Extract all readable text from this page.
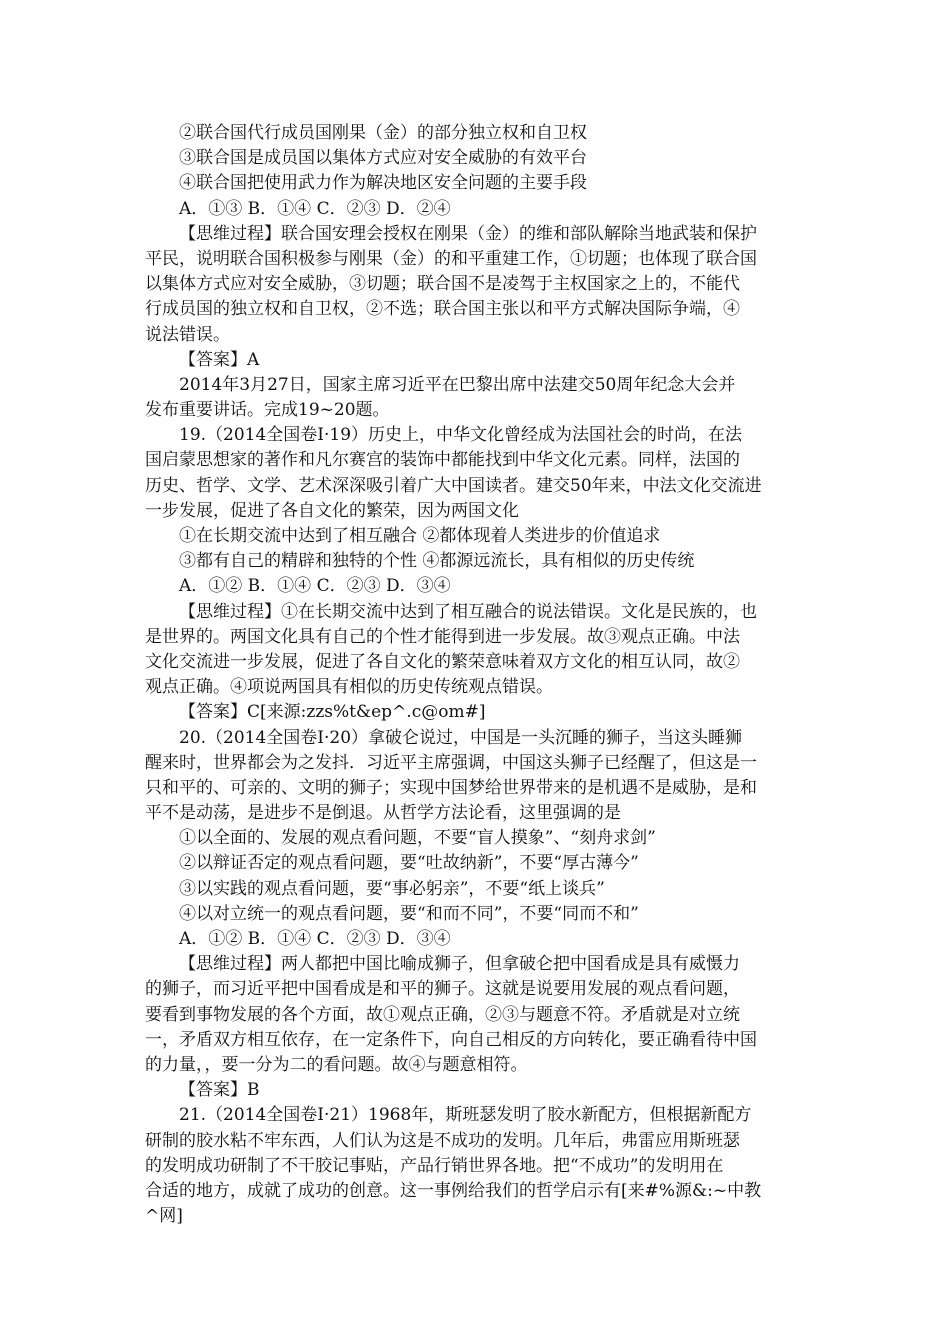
②联合国代行成员国刚果（金）的部分独立权和自卫权
③联合国是成员国以集体方式应对安全威胁的有效平台
④联合国把使用武力作为解决地区安全问题的主要手段
A．①③ B．①④ C．②③ D．②④
【思维过程】联合国安理会授权在刚果（金）的维和部队解除当地武装和保护
平民，说明联合国积极参与刚果（金）的和平重建工作，①切题；也体现了联合国
以集体方式应对安全威胁，③切题；联合国不是凌驾于主权国家之上的，不能代
行成员国的独立权和自卫权，②不选；联合国主张以和平方式解决国际争端，④
说法错误。
【答案】A
2014年3月27日，国家主席习近平在巴黎出席中法建交50周年纪念大会并
发布重要讲话。完成19~20题。
19.（2014全国卷Ⅰ·19）历史上，中华文化曾经成为法国社会的时尚，在法
国启蒙思想家的著作和凡尔赛宫的装饰中都能找到中华文化元素。同样，法国的
历史、哲学、文学、艺术深深吸引着广大中国读者。建交50年来，中法文化交流进
一步发展，促进了各自文化的繁荣，因为两国文化
①在长期交流中达到了相互融合 ②都体现着人类进步的价值追求
③都有自己的精辟和独特的个性 ④都源远流长，具有相似的历史传统
A．①② B．①④ C．②③ D．③④
【思维过程】①在长期交流中达到了相互融合的说法错误。文化是民族的，也
是世界的。两国文化具有自己的个性才能得到进一步发展。故③观点正确。中法
文化交流进一步发展，促进了各自文化的繁荣意味着双方文化的相互认同，故②
观点正确。④项说两国具有相似的历史传统观点错误。
【答案】C[来源:zzs%t&ep^.c@om#]
20.（2014全国卷Ⅰ·20）拿破仑说过，中国是一头沉睡的狮子，当这头睡狮
醒来时，世界都会为之发抖．习近平主席强调，中国这头狮子已经醒了，但这是一
只和平的、可亲的、文明的狮子；实现中国梦给世界带来的是机遇不是威胁，是和
平不是动荡，是进步不是倒退。从哲学方法论看，这里强调的是
①以全面的、发展的观点看问题，不要“盲人摸象”、“刻舟求剑”
②以辩证否定的观点看问题，要“吐故纳新”，不要“厚古薄今”
③以实践的观点看问题，要“事必躬亲”，不要“纸上谈兵”
④以对立统一的观点看问题，要“和而不同”，不要“同而不和”
A．①② B．①④ C．②③ D．③④
【思维过程】两人都把中国比喻成狮子，但拿破仑把中国看成是具有威慑力
的狮子，而习近平把中国看成是和平的狮子。这就是说要用发展的观点看问题，
要看到事物发展的各个方面，故①观点正确，②③与题意不符。矛盾就是对立统
一，矛盾双方相互依存，在一定条件下，向自己相反的方向转化，要正确看待中国
的力量，，要一分为二的看问题。故④与题意相符。
【答案】B
21.（2014全国卷Ⅰ·21）1968年，斯班瑟发明了胶水新配方，但根据新配方
研制的胶水粘不牢东西，人们认为这是不成功的发明。几年后，弗雷应用斯班瑟
的发明成功研制了不干胶记事贴，产品行销世界各地。把“不成功”的发明用在
合适的地方，成就了成功的创意。这一事例给我们的哲学启示有[来#%源&:~中教
^网]
